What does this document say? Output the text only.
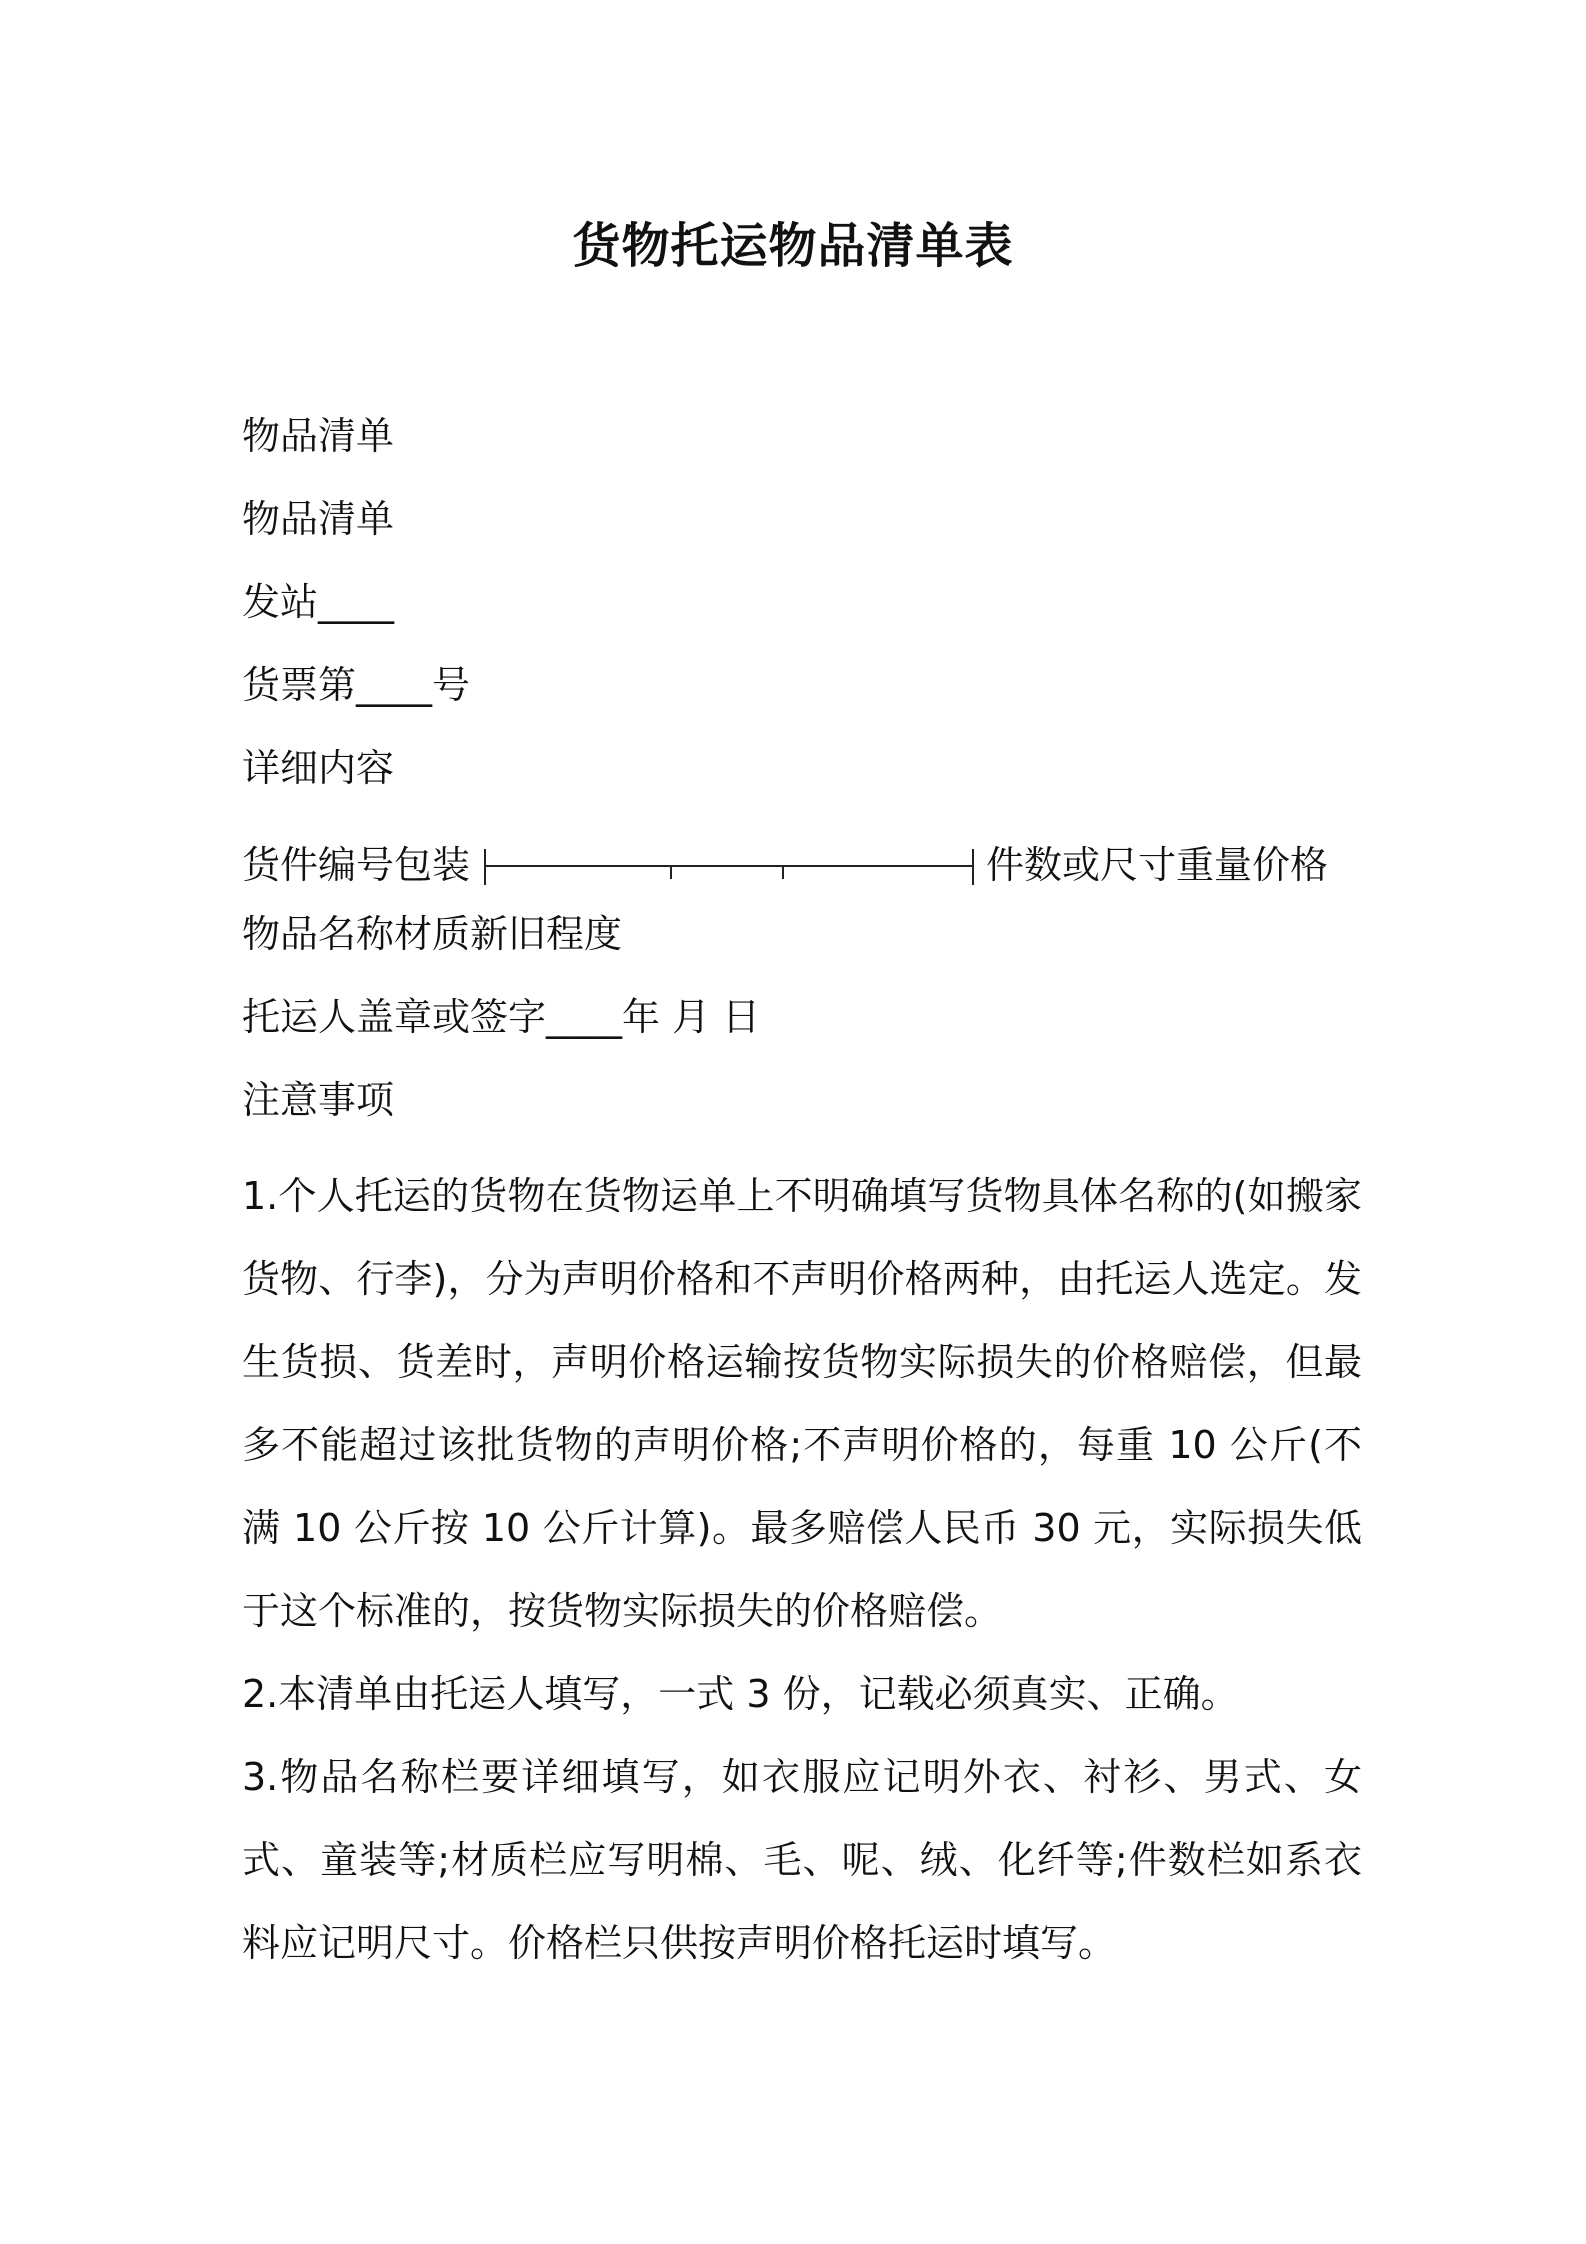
货物托运物品清单表
物品清单
物品清单
发站____
货票第____号
详细内容
货件编号包装	件数或尺寸重量价格
物品名称材质新旧程度
托运人盖章或签字____年 月 日
注意事项

1.个人托运的货物在货物运单上不明确填写货物具体名称的(如搬家货物、行李)，分为声明价格和不声明价格两种，由托运人选定。发生货损、货差时，声明价格运输按货物实际损失的价格赔偿，但最多不能超过该批货物的声明价格;不声明价格的，每重 10 公斤(不满 10 公斤按 10 公斤计算)。最多赔偿人民币 30 元，实际损失低于这个标准的，按货物实际损失的价格赔偿。

2.本清单由托运人填写，一式 3 份，记载必须真实、正确。

3.物品名称栏要详细填写，如衣服应记明外衣、衬衫、男式、女式、童装等;材质栏应写明棉、毛、呢、绒、化纤等;件数栏如系衣料应记明尺寸。价格栏只供按声明价格托运时填写。
